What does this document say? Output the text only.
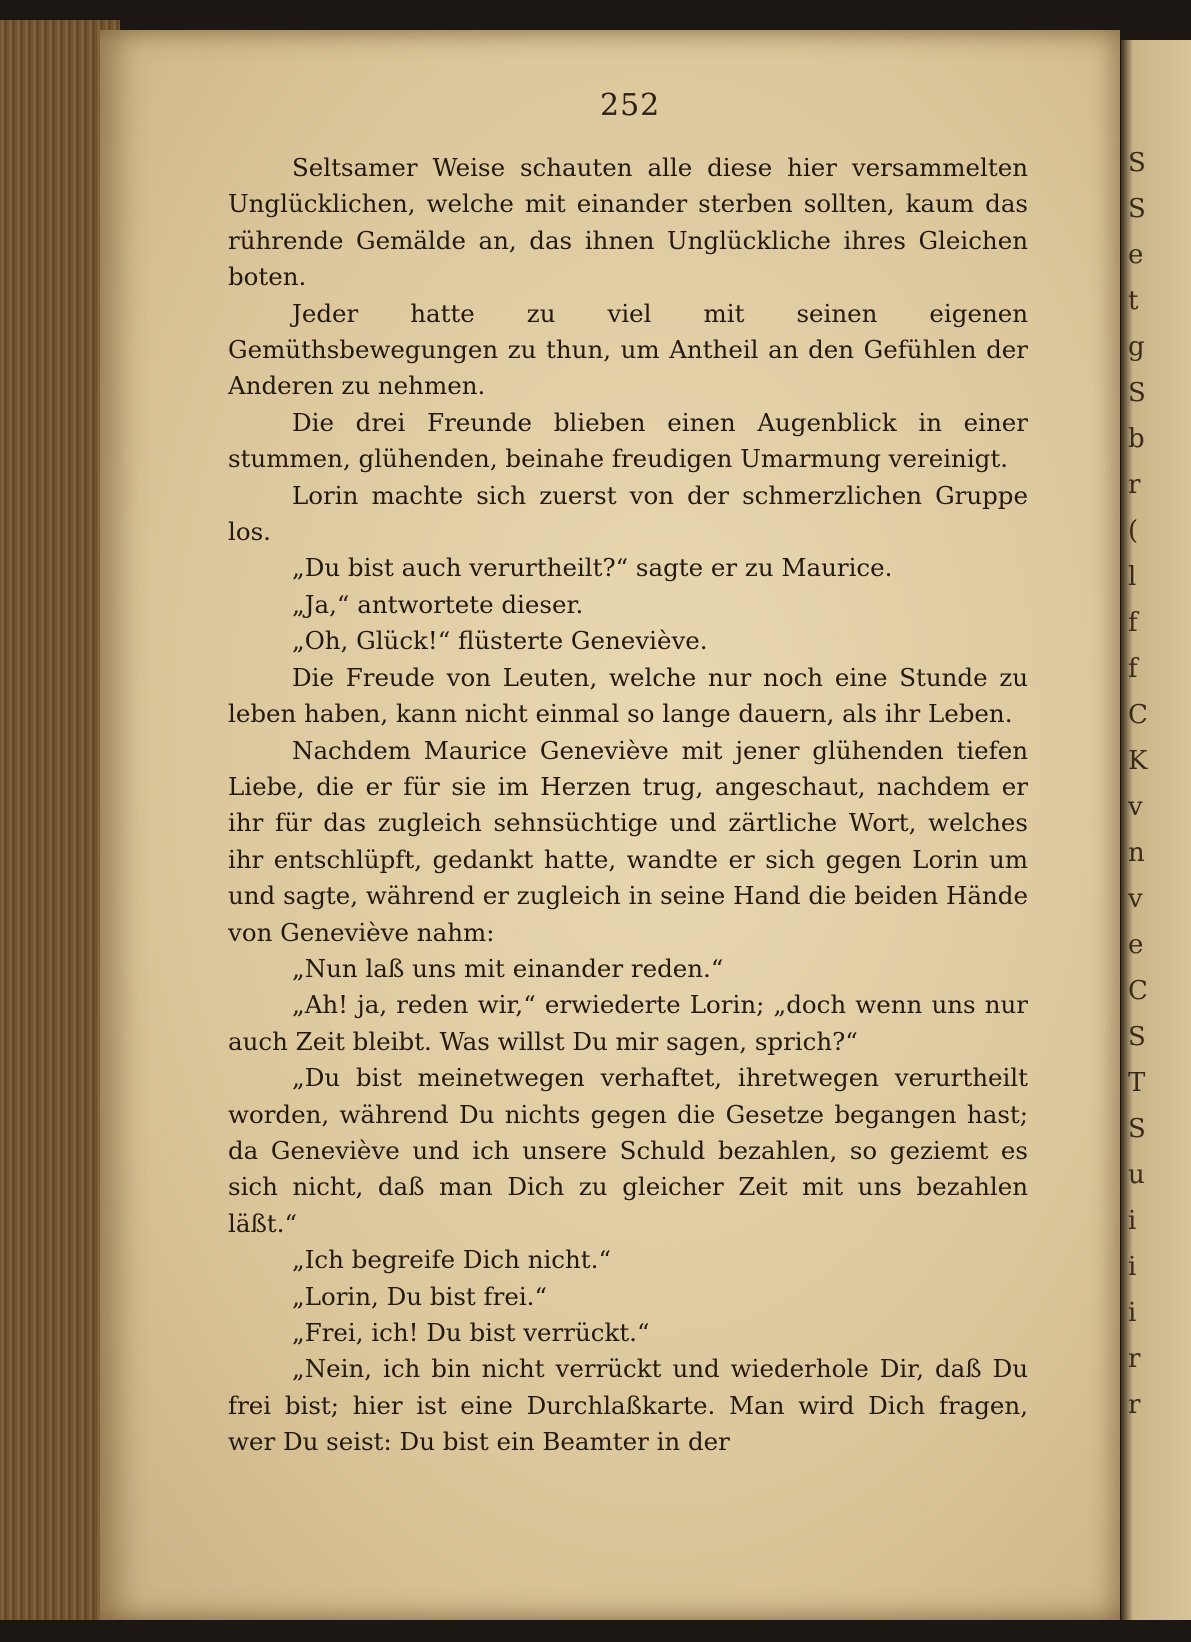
252

Seltsamer Weise schauten alle diese hier versammelten Unglücklichen, welche mit einander sterben sollten, kaum das rührende Gemälde an, das ihnen Unglückliche ihres Gleichen boten.

Jeder hatte zu viel mit seinen eigenen Gemüthsbewegungen zu thun, um Antheil an den Gefühlen der Anderen zu nehmen.

Die drei Freunde blieben einen Augenblick in einer stummen, glühenden, beinahe freudigen Umarmung vereinigt.

Lorin machte sich zuerst von der schmerzlichen Gruppe los.

„Du bist auch verurtheilt?“ sagte er zu Maurice.

„Ja,“ antwortete dieser.

„Oh, Glück!“ flüsterte Geneviève.

Die Freude von Leuten, welche nur noch eine Stunde zu leben haben, kann nicht einmal so lange dauern, als ihr Leben.

Nachdem Maurice Geneviève mit jener glühenden tiefen Liebe, die er für sie im Herzen trug, angeschaut, nachdem er ihr für das zugleich sehnsüchtige und zärtliche Wort, welches ihr entschlüpft, gedankt hatte, wandte er sich gegen Lorin um und sagte, während er zugleich in seine Hand die beiden Hände von Geneviève nahm:

„Nun laß uns mit einander reden.“

„Ah! ja, reden wir,“ erwiederte Lorin; „doch wenn uns nur auch Zeit bleibt. Was willst Du mir sagen, sprich?“

„Du bist meinetwegen verhaftet, ihretwegen verurtheilt worden, während Du nichts gegen die Gesetze begangen hast; da Geneviève und ich unsere Schuld bezahlen, so geziemt es sich nicht, daß man Dich zu gleicher Zeit mit uns bezahlen läßt.“

„Ich begreife Dich nicht.“

„Lorin, Du bist frei.“

„Frei, ich! Du bist verrückt.“

„Nein, ich bin nicht verrückt und wiederhole Dir, daß Du frei bist; hier ist eine Durchlaßkarte. Man wird Dich fragen, wer Du seist: Du bist ein Beamter in der

S
S
e
t
g
S
b
r
(
l
f
f
C
K
v
n
v
e
C
S
T
S
u
i
i
i
r
r
